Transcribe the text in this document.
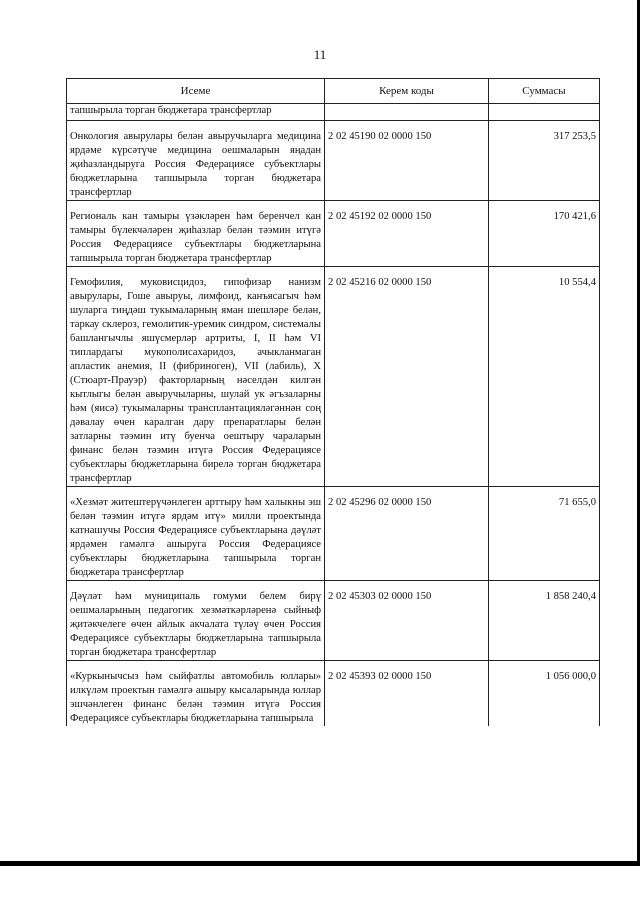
11
Исеме	Керем коды	Суммасы
тапшырыла торган бюджетара трансфертлар		
Онкология авырулары белән авыручыларга медицина ярдәме күрсәтүче медицина оешмаларын яңадан җиһазландыруга Россия Федерациясе субъектлары бюджетларына тапшырыла торган бюджетара трансфертлар	2 02 45190 02 0000 150	317 253,5
Региональ кан тамыры үзәкләрен һәм беренчел кан тамыры бүлекчәләрен җиһазлар белән тәэмин итүгә Россия Федерациясе субъектлары бюджетларына тапшырыла торган бюджетара трансфертлар	2 02 45192 02 0000 150	170 421,6
Гемофилия, муковисцидоз, гипофизар нанизм авырулары, Гоше авыруы, лимфоид, канъясагыч һәм шуларга тиңдәш тукымаларның яман шешләре белән, таркау склероз, гемолитик-уремик синдром, системалы башлангычлы яшүсмерләр артриты, I, II һәм VI типлардагы мукополисахаридоз, ачыкланмаган апластик анемия, II (фибриноген), VII (лабиль), X (Стюарт-Прауэр) факторларның нәселдән килгән кытлыгы белән авыручыларны, шулай ук әгъзаларны һәм (яисә) тукымаларны трансплантацияләгәннән соң дәвалау өчен каралган дару препаратлары белән затларны тәэмин итү буенча оештыру чараларын финанс белән тәэмин итүгә Россия Федерациясе субъектлары бюджетларына бирелә торган бюджетара трансфертлар	2 02 45216 02 0000 150	10 554,4
«Хезмәт житештерүчәнлеген арттыру һәм халыкны эш белән тәэмин итүгә ярдәм итү» милли проектында катнашучы Россия Федерациясе субъектларына дәүләт ярдәмен гамәлгә ашыруга Россия Федерациясе субъектлары бюджетларына тапшырыла торган бюджетара трансфертлар	2 02 45296 02 0000 150	71 655,0
Дәүләт һәм муниципаль гомуми белем бирү оешмаларының педагогик хезмәткәрләренә сыйныф җитәкчелеге өчен айлык акчалата түләү өчен Россия Федерациясе субъектлары бюджетларына тапшырыла торган бюджетара трансфертлар	2 02 45303 02 0000 150	1 858 240,4
«Куркынычсыз һәм сыйфатлы автомобиль юллары» илкүләм проектын гамәлгә ашыру кысаларында юллар эшчәнлеген финанс белән тәэмин итүгә Россия Федерациясе субъектлары бюджетларына тапшырыла	2 02 45393 02 0000 150	1 056 000,0
